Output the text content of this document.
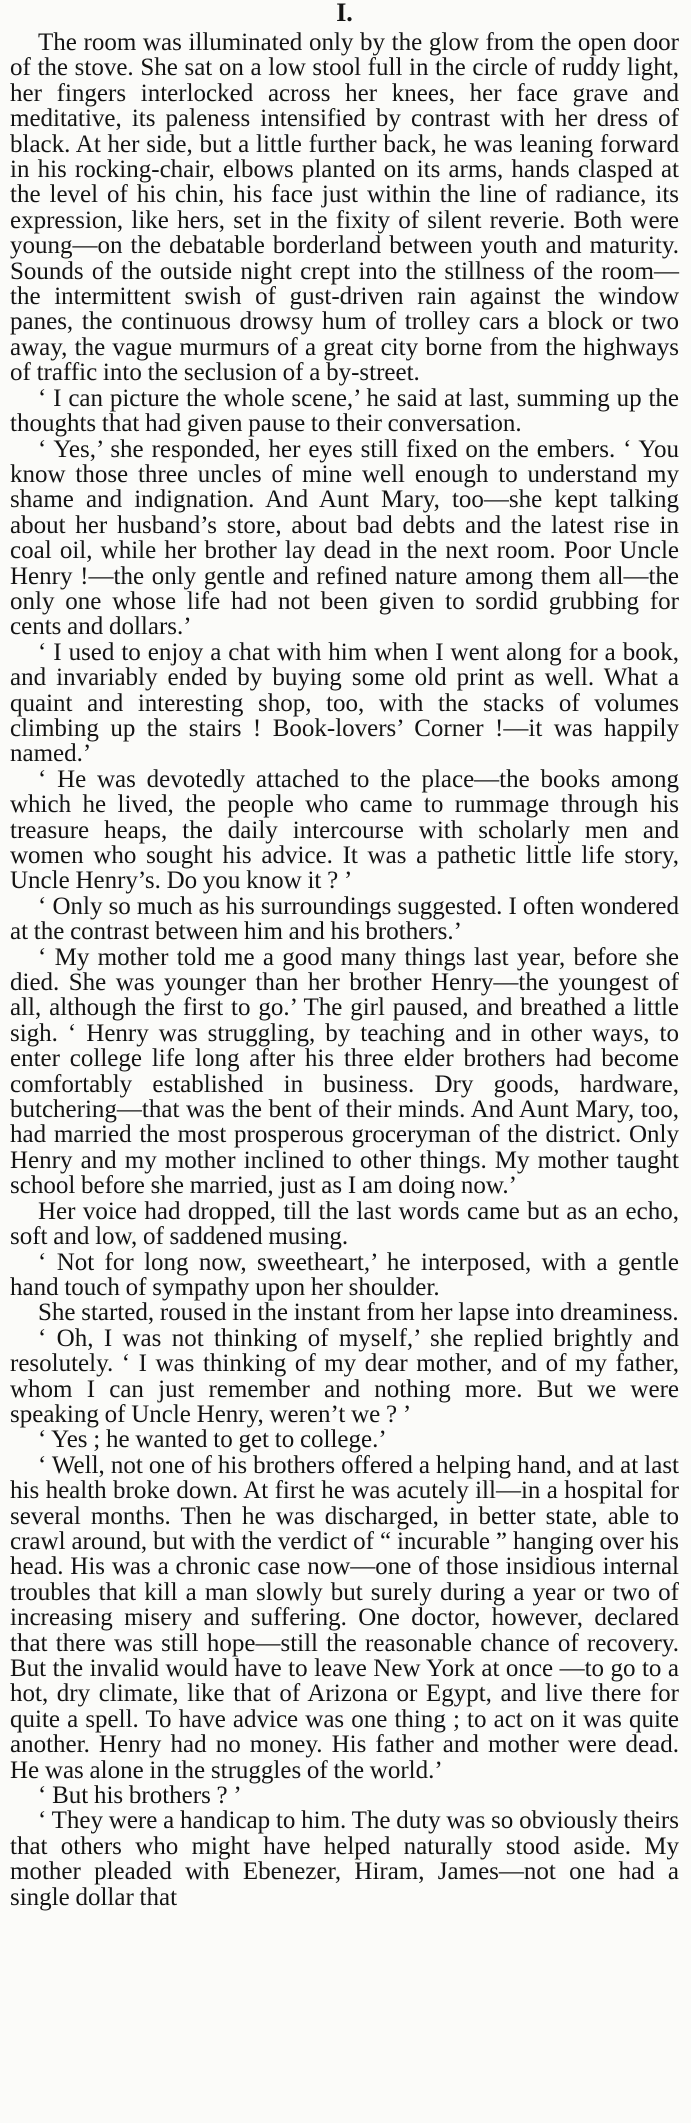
I.

The room was illuminated only by the glow from the open door of the stove. She sat on a low stool full in the circle of ruddy light, her fingers interlocked across her knees, her face grave and meditative, its paleness intensified by contrast with her dress of black. At her side, but a little further back, he was leaning forward in his rocking-chair, elbows planted on its arms, hands clasped at the level of his chin, his face just within the line of radiance, its expression, like hers, set in the fixity of silent reverie. Both were young—on the debatable borderland between youth and maturity. Sounds of the outside night crept into the stillness of the room—the intermittent swish of gust-driven rain against the window panes, the continuous drowsy hum of trolley cars a block or two away, the vague murmurs of a great city borne from the highways of traffic into the seclusion of a by-street.

‘ I can picture the whole scene,’ he said at last, summing up the thoughts that had given pause to their conversation.

‘ Yes,’ she responded, her eyes still fixed on the embers. ‘ You know those three uncles of mine well enough to understand my shame and indignation. And Aunt Mary, too—she kept talking about her husband’s store, about bad debts and the latest rise in coal oil, while her brother lay dead in the next room. Poor Uncle Henry !—the only gentle and refined nature among them all—the only one whose life had not been given to sordid grubbing for cents and dollars.’

‘ I used to enjoy a chat with him when I went along for a book, and invariably ended by buying some old print as well. What a quaint and interesting shop, too, with the stacks of volumes climbing up the stairs ! Book-lovers’ Corner !—it was happily named.’

‘ He was devotedly attached to the place—the books among which he lived, the people who came to rummage through his treasure heaps, the daily intercourse with scholarly men and women who sought his advice. It was a pathetic little life story, Uncle Henry’s. Do you know it ? ’

‘ Only so much as his surroundings suggested. I often wondered at the contrast between him and his brothers.’

‘ My mother told me a good many things last year, before she died. She was younger than her brother Henry—the youngest of all, although the first to go.’ The girl paused, and breathed a little sigh. ‘ Henry was struggling, by teaching and in other ways, to enter college life long after his three elder brothers had become comfortably established in business. Dry goods, hardware, butchering—that was the bent of their minds. And Aunt Mary, too, had married the most prosperous groceryman of the district. Only Henry and my mother inclined to other things. My mother taught school before she married, just as I am doing now.’

Her voice had dropped, till the last words came but as an echo, soft and low, of saddened musing.

‘ Not for long now, sweetheart,’ he interposed, with a gentle hand touch of sympathy upon her shoulder.

She started, roused in the instant from her lapse into dreaminess.

‘ Oh, I was not thinking of myself,’ she replied brightly and resolutely. ‘ I was thinking of my dear mother, and of my father, whom I can just remember and nothing more. But we were speaking of Uncle Henry, weren’t we ? ’

‘ Yes ; he wanted to get to college.’

‘ Well, not one of his brothers offered a helping hand, and at last his health broke down. At first he was acutely ill—in a hospital for several months. Then he was discharged, in better state, able to crawl around, but with the verdict of “ incurable ” hanging over his head. His was a chronic case now—one of those insidious internal troubles that kill a man slowly but surely during a year or two of increasing misery and suffering. One doctor, however, declared that there was still hope—still the reasonable chance of recovery. But the invalid would have to leave New York at once —to go to a hot, dry climate, like that of Arizona or Egypt, and live there for quite a spell. To have advice was one thing ; to act on it was quite another. Henry had no money. His father and mother were dead. He was alone in the struggles of the world.’

‘ But his brothers ? ’

‘ They were a handicap to him. The duty was so obviously theirs that others who might have helped naturally stood aside. My mother pleaded with Ebenezer, Hiram, James—not one had a single dollar that
